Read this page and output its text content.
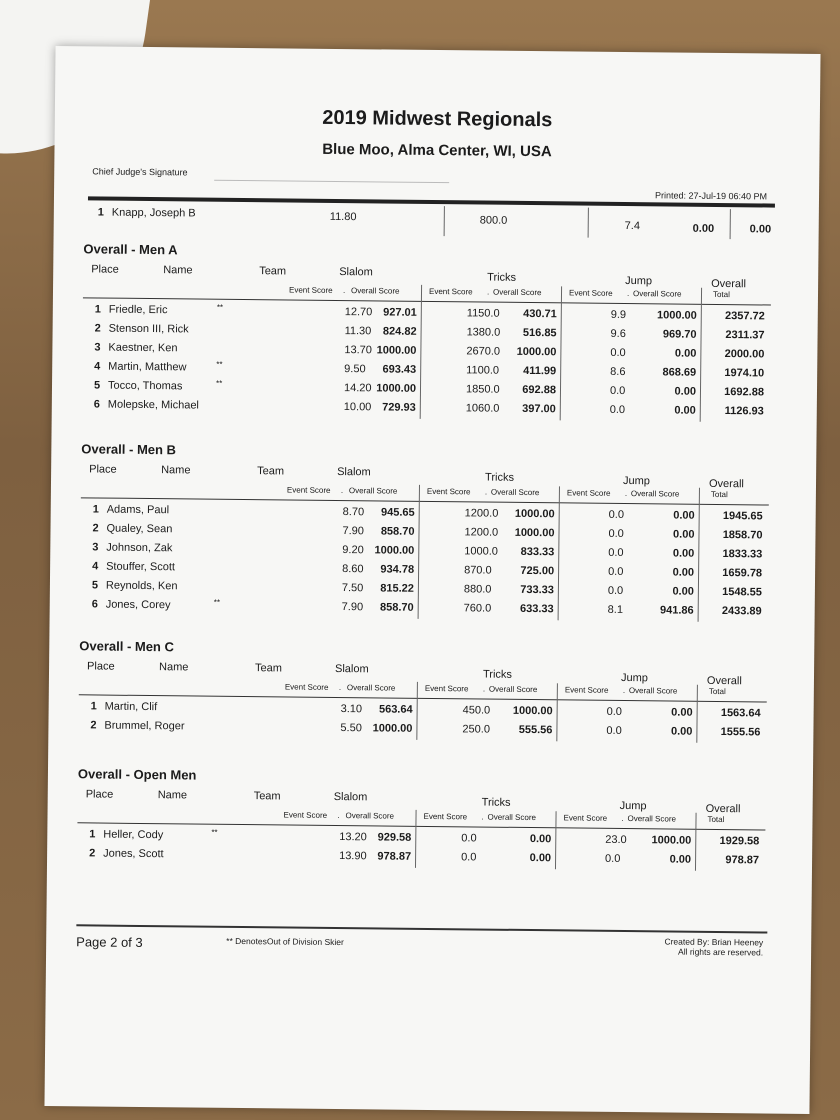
2019 Midwest Regionals
Blue Moo, Alma Center, WI, USA
Chief Judge's Signature
Printed: 27-Jul-19 06:40 PM
1 Knapp, Joseph B	11.80	800.0	7.4	0.00	0.00
Overall - Men A
Place	Name	Team	Slalom	Tricks	Jump	Overall
Event Score . Overall Score	Event Score . Overall Score	Event Score . Overall Score	Total
1 Friedle, Eric	**	12.70 927.01	1150.0	430.71	9.9	1000.00	2357.72
2 Stenson III, Rick	11.30	824.82	1380.0	516.85	9.6	969.70	2311.37
3 Kaestner, Ken	13.70 1000.00	2670.0	1000.00	0.0	0.00	2000.00
4 Martin, Matthew	**	9.50	693.43	1100.0	411.99	8.6	868.69	1974.10
5 Tocco, Thomas	**	14.20 1000.00	1850.0	692.88	0.0	0.00	1692.88
6 Molepske, Michael	10.00 729.93	1060.0	397.00	0.0	0.00	1126.93
Overall - Men B
Place	Name	Team	Slalom	Tricks	Jump	Overall
Event Score . Overall Score	Event Score . Overall Score	Event Score . Overall Score	Total
1 Adams, Paul	8.70	945.65	1200.0	1000.00	0.0	0.00	1945.65
2 Qualey, Sean	7.90	858.70	1200.0	1000.00	0.0	0.00	1858.70
3 Johnson, Zak	9.20 1000.00	1000.0	833.33	0.0	0.00	1833.33
4 Stouffer, Scott	8.60	934.78	870.0	725.00	0.0	0.00	1659.78
5 Reynolds, Ken	7.50	815.22	880.0	733.33	0.0	0.00	1548.55
6 Jones, Corey	**	7.90	858.70	760.0	633.33	8.1	941.86	2433.89
Overall - Men C
Place	Name	Team	Slalom	Tricks	Jump	Overall
Event Score . Overall Score	Event Score . Overall Score	Event Score . Overall Score	Total
1 Martin, Clif	3.10	563.64	450.0	1000.00	0.0	0.00	1563.64
2 Brummel, Roger	5.50 1000.00	250.0	555.56	0.0	0.00	1555.56
Overall - Open Men
Place	Name	Team	Slalom	Tricks	Jump	Overall
Event Score . Overall Score	Event Score . Overall Score	Event Score . Overall Score	Total
1 Heller, Cody	**	13.20 929.58	0.0	0.00	23.0	1000.00	1929.58
2 Jones, Scott	13.90 978.87	0.0	0.00	0.0	0.00	978.87
Page 2 of 3	** DenotesOut of Division Skier	Created By: Brian Heeney
All rights are reserved.
